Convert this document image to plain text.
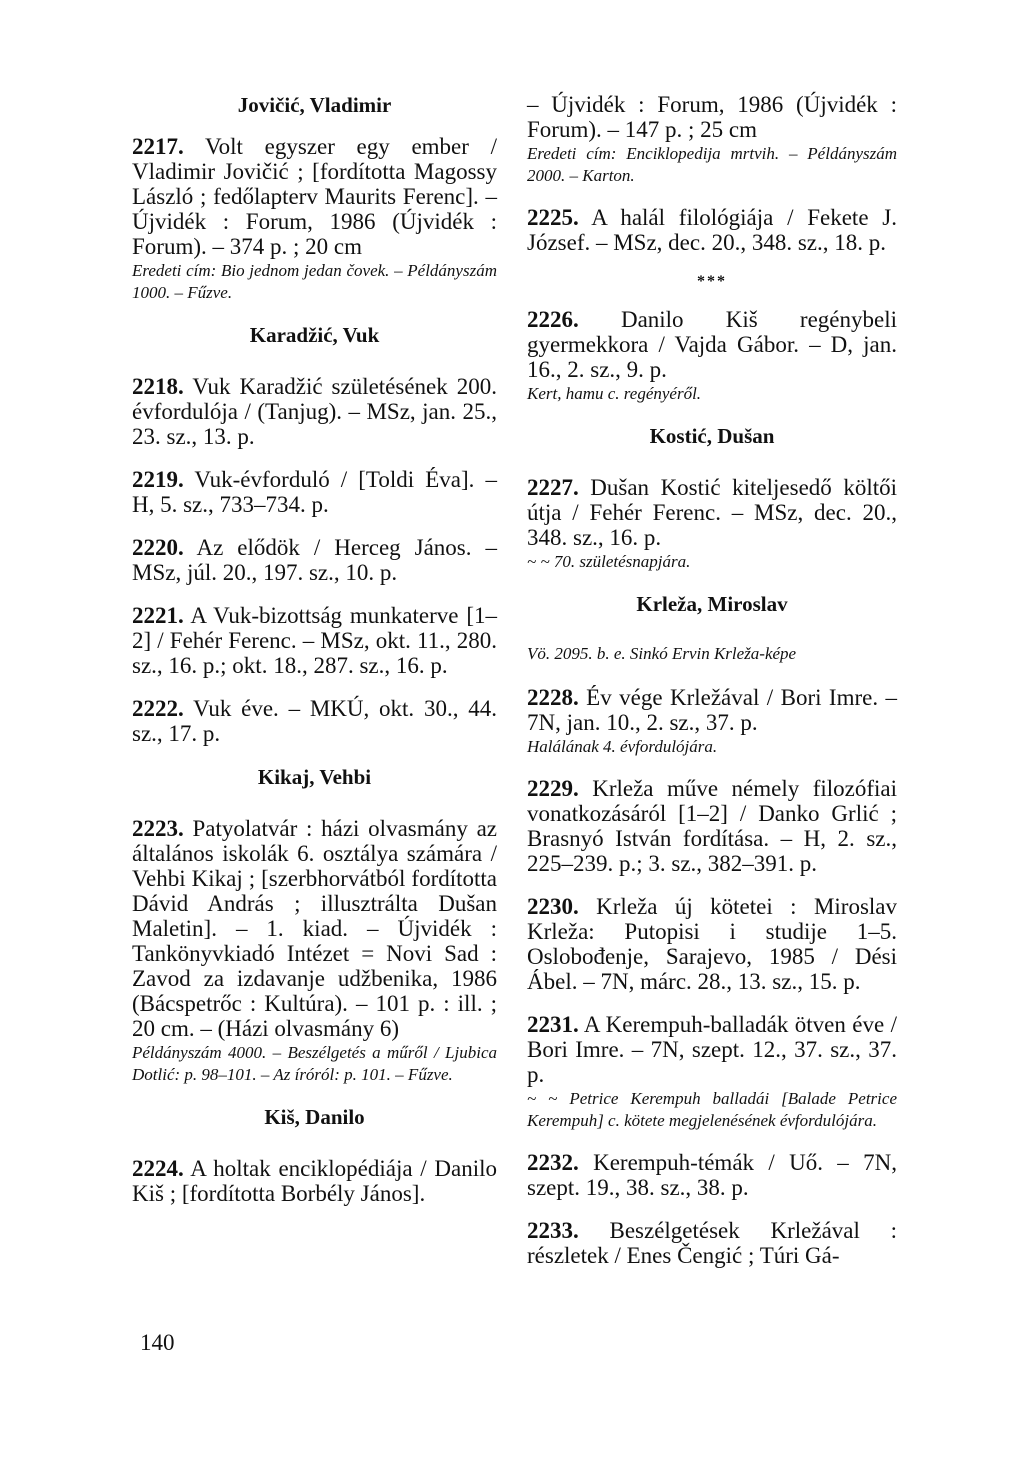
Jovičić, Vladimir
2217. Volt egyszer egy ember / Vladimir Jovičić ; [fordította Magossy László ; fedőlapterv Maurits Ferenc]. – Újvidék : Forum, 1986 (Újvidék : Forum). – 374 p. ; 20 cm
Eredeti cím: Bio jednom jedan čovek. – Példányszám 1000. – Fűzve.
Karadžić, Vuk
2218. Vuk Karadžić születésének 200. évfordulója / (Tanjug). – MSz, jan. 25., 23. sz., 13. p.
2219. Vuk-évforduló / [Toldi Éva]. – H, 5. sz., 733–734. p.
2220. Az elődök / Herceg János. – MSz, júl. 20., 197. sz., 10. p.
2221. A Vuk-bizottság munkaterve [1–2] / Fehér Ferenc. – MSz, okt. 11., 280. sz., 16. p.; okt. 18., 287. sz., 16. p.
2222. Vuk éve. – MKÚ, okt. 30., 44. sz., 17. p.
Kikaj, Vehbi
2223. Patyolatvár : házi olvasmány az általános iskolák 6. osztálya számára / Vehbi Kikaj ; [szerbhorvátból fordította Dávid András ; illusztrálta Dušan Maletin]. – 1. kiad. – Újvidék : Tankönyvkiadó Intézet = Novi Sad : Zavod za izdavanje udžbenika, 1986 (Bácspetrőc : Kultúra). – 101 p. : ill. ; 20 cm. – (Házi olvasmány 6)
Példányszám 4000. – Beszélgetés a műről / Ljubica Dotlić: p. 98–101. – Az íróról: p. 101. – Fűzve.
Kiš, Danilo
2224. A holtak enciklopédiája / Danilo Kiš ; [fordította Borbély János].
– Újvidék : Forum, 1986 (Újvidék : Forum). – 147 p. ; 25 cm
Eredeti cím: Enciklopedija mrtvih. – Példányszám 2000. – Karton.
2225. A halál filológiája / Fekete J. József. – MSz, dec. 20., 348. sz., 18. p.
***
2226. Danilo Kiš regénybeli gyermekkora / Vajda Gábor. – D, jan. 16., 2. sz., 9. p.
Kert, hamu c. regényéről.
Kostić, Dušan
2227. Dušan Kostić kiteljesedő költői útja / Fehér Ferenc. – MSz, dec. 20., 348. sz., 16. p.
~ ~ 70. születésnapjára.
Krleža, Miroslav
Vö. 2095. b. e. Sinkó Ervin Krleža-képe
2228. Év vége Krležával / Bori Imre. – 7N, jan. 10., 2. sz., 37. p.
Halálának 4. évfordulójára.
2229. Krleža műve némely filozófiai vonatkozásáról [1–2] / Danko Grlić ; Brasnyó István fordítása. – H, 2. sz., 225–239. p.; 3. sz., 382–391. p.
2230. Krleža új kötetei : Miroslav Krleža: Putopisi i studije 1–5. Oslobođenje, Sarajevo, 1985 / Dési Ábel. – 7N, márc. 28., 13. sz., 15. p.
2231. A Kerempuh-balladák ötven éve / Bori Imre. – 7N, szept. 12., 37. sz., 37. p.
~ ~ Petrice Kerempuh balladái [Balade Petrice Kerempuh] c. kötete megjelenésének évfordulójára.
2232. Kerempuh-témák / Uő. – 7N, szept. 19., 38. sz., 38. p.
2233. Beszélgetések Krležával : részletek / Enes Čengić ; Túri Gá-
140
